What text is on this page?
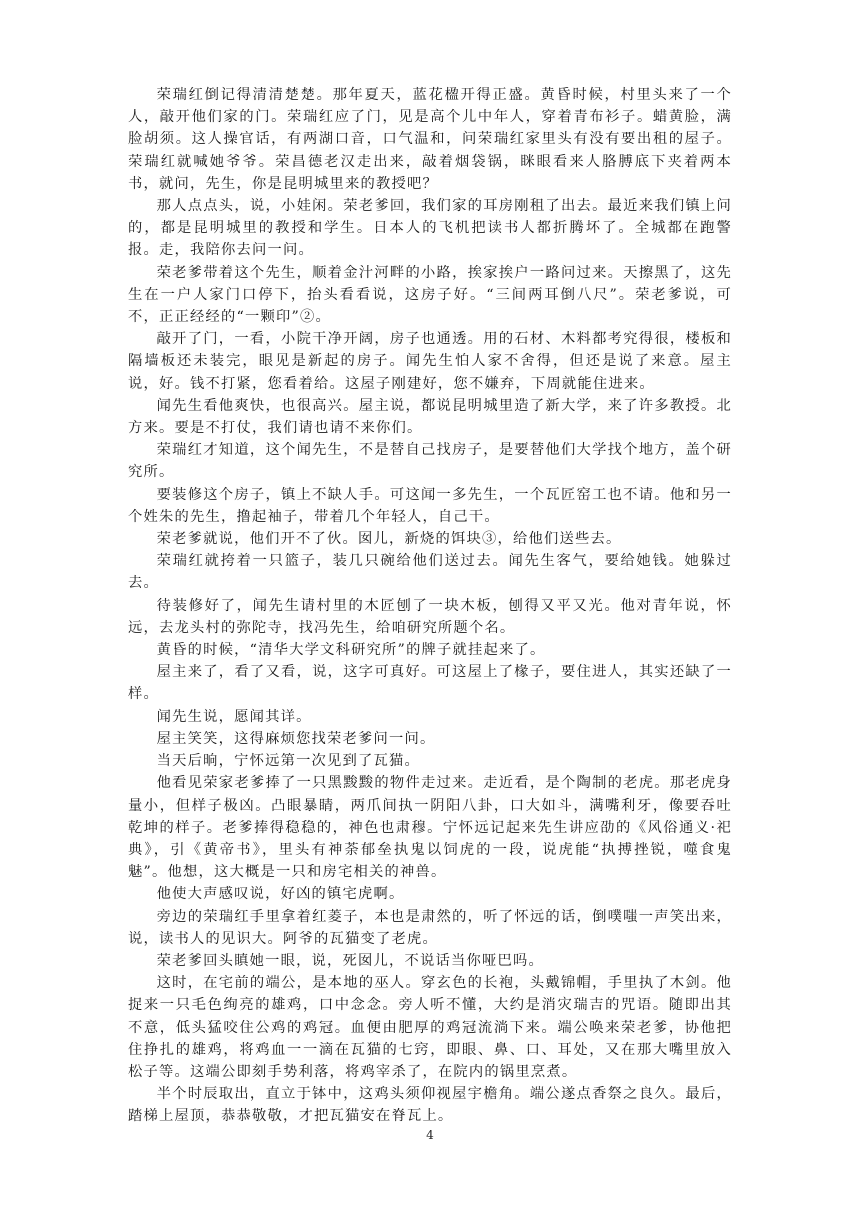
荣瑞红倒记得清清楚楚。那年夏天，蓝花楹开得正盛。黄昏时候，村里头来了一个人，敲开他们家的门。荣瑞红应了门，见是高个儿中年人，穿着青布衫子。蜡黄脸，满脸胡须。这人操官话，有两湖口音，口气温和，问荣瑞红家里头有没有要出租的屋子。荣瑞红就喊她爷爷。荣昌德老汉走出来，敲着烟袋锅，眯眼看来人胳膊底下夹着两本书，就问，先生，你是昆明城里来的教授吧？

那人点点头，说，小娃闲。荣老爹回，我们家的耳房刚租了出去。最近来我们镇上问的，都是昆明城里的教授和学生。日本人的飞机把读书人都折腾坏了。全城都在跑警报。走，我陪你去问一问。

荣老爹带着这个先生，顺着金汁河畔的小路，挨家挨户一路问过来。天擦黑了，这先生在一户人家门口停下，抬头看看说，这房子好。“三间两耳倒八尺”。荣老爹说，可不，正正经经的“一颗印”②。

敲开了门，一看，小院干净开阔，房子也通透。用的石材、木料都考究得很，楼板和隔墙板还未装完，眼见是新起的房子。闻先生怕人家不舍得，但还是说了来意。屋主说，好。钱不打紧，您看着给。这屋子刚建好，您不嫌弃，下周就能住进来。

闻先生看他爽快，也很高兴。屋主说，都说昆明城里造了新大学，来了许多教授。北方来。要是不打仗，我们请也请不来你们。

荣瑞红才知道，这个闻先生，不是替自己找房子，是要替他们大学找个地方，盖个研究所。

要装修这个房子，镇上不缺人手。可这闻一多先生，一个瓦匠窑工也不请。他和另一个姓朱的先生，撸起袖子，带着几个年轻人，自己干。

荣老爹就说，他们开不了伙。囡儿，新烧的饵块③，给他们送些去。

荣瑞红就挎着一只篮子，装几只碗给他们送过去。闻先生客气，要给她钱。她躲过去。

待装修好了，闻先生请村里的木匠刨了一块木板，刨得又平又光。他对青年说，怀远，去龙头村的弥陀寺，找冯先生，给咱研究所题个名。

黄昏的时候，“清华大学文科研究所”的牌子就挂起来了。

屋主来了，看了又看，说，这字可真好。可这屋上了椽子，要住进人，其实还缺了一样。

闻先生说，愿闻其详。

屋主笑笑，这得麻烦您找荣老爹问一问。

当天后晌，宁怀远第一次见到了瓦猫。

他看见荣家老爹捧了一只黑黢黢的物件走过来。走近看，是个陶制的老虎。那老虎身量小，但样子极凶。凸眼暴睛，两爪间执一阴阳八卦，口大如斗，满嘴利牙，像要吞吐乾坤的样子。老爹捧得稳稳的，神色也肃穆。宁怀远记起来先生讲应劭的《风俗通义·祀典》，引《黄帝书》，里头有神荼郁垒执鬼以饲虎的一段，说虎能“执搏挫锐，噬食鬼魅”。他想，这大概是一只和房宅相关的神兽。

他使大声感叹说，好凶的镇宅虎啊。

旁边的荣瑞红手里拿着红菱子，本也是肃然的，听了怀远的话，倒噗嗤一声笑出来，说，读书人的见识大。阿爷的瓦猫变了老虎。

荣老爹回头瞋她一眼，说，死囡儿，不说话当你哑巴吗。

这时，在宅前的端公，是本地的巫人。穿玄色的长袍，头戴锦帽，手里执了木剑。他捉来一只毛色绚亮的雄鸡，口中念念。旁人听不懂，大约是消灾瑞吉的咒语。随即出其不意，低头猛咬住公鸡的鸡冠。血便由肥厚的鸡冠流淌下来。端公唤来荣老爹，协他把住挣扎的雄鸡，将鸡血一一滴在瓦猫的七窍，即眼、鼻、口、耳处，又在那大嘴里放入松子等。这端公即刻手势利落，将鸡宰杀了，在院内的锅里烹煮。

半个时辰取出，直立于钵中，这鸡头须仰视屋宇檐角。端公遂点香祭之良久。最后，踏梯上屋顶，恭恭敬敬，才把瓦猫安在脊瓦上。

4
